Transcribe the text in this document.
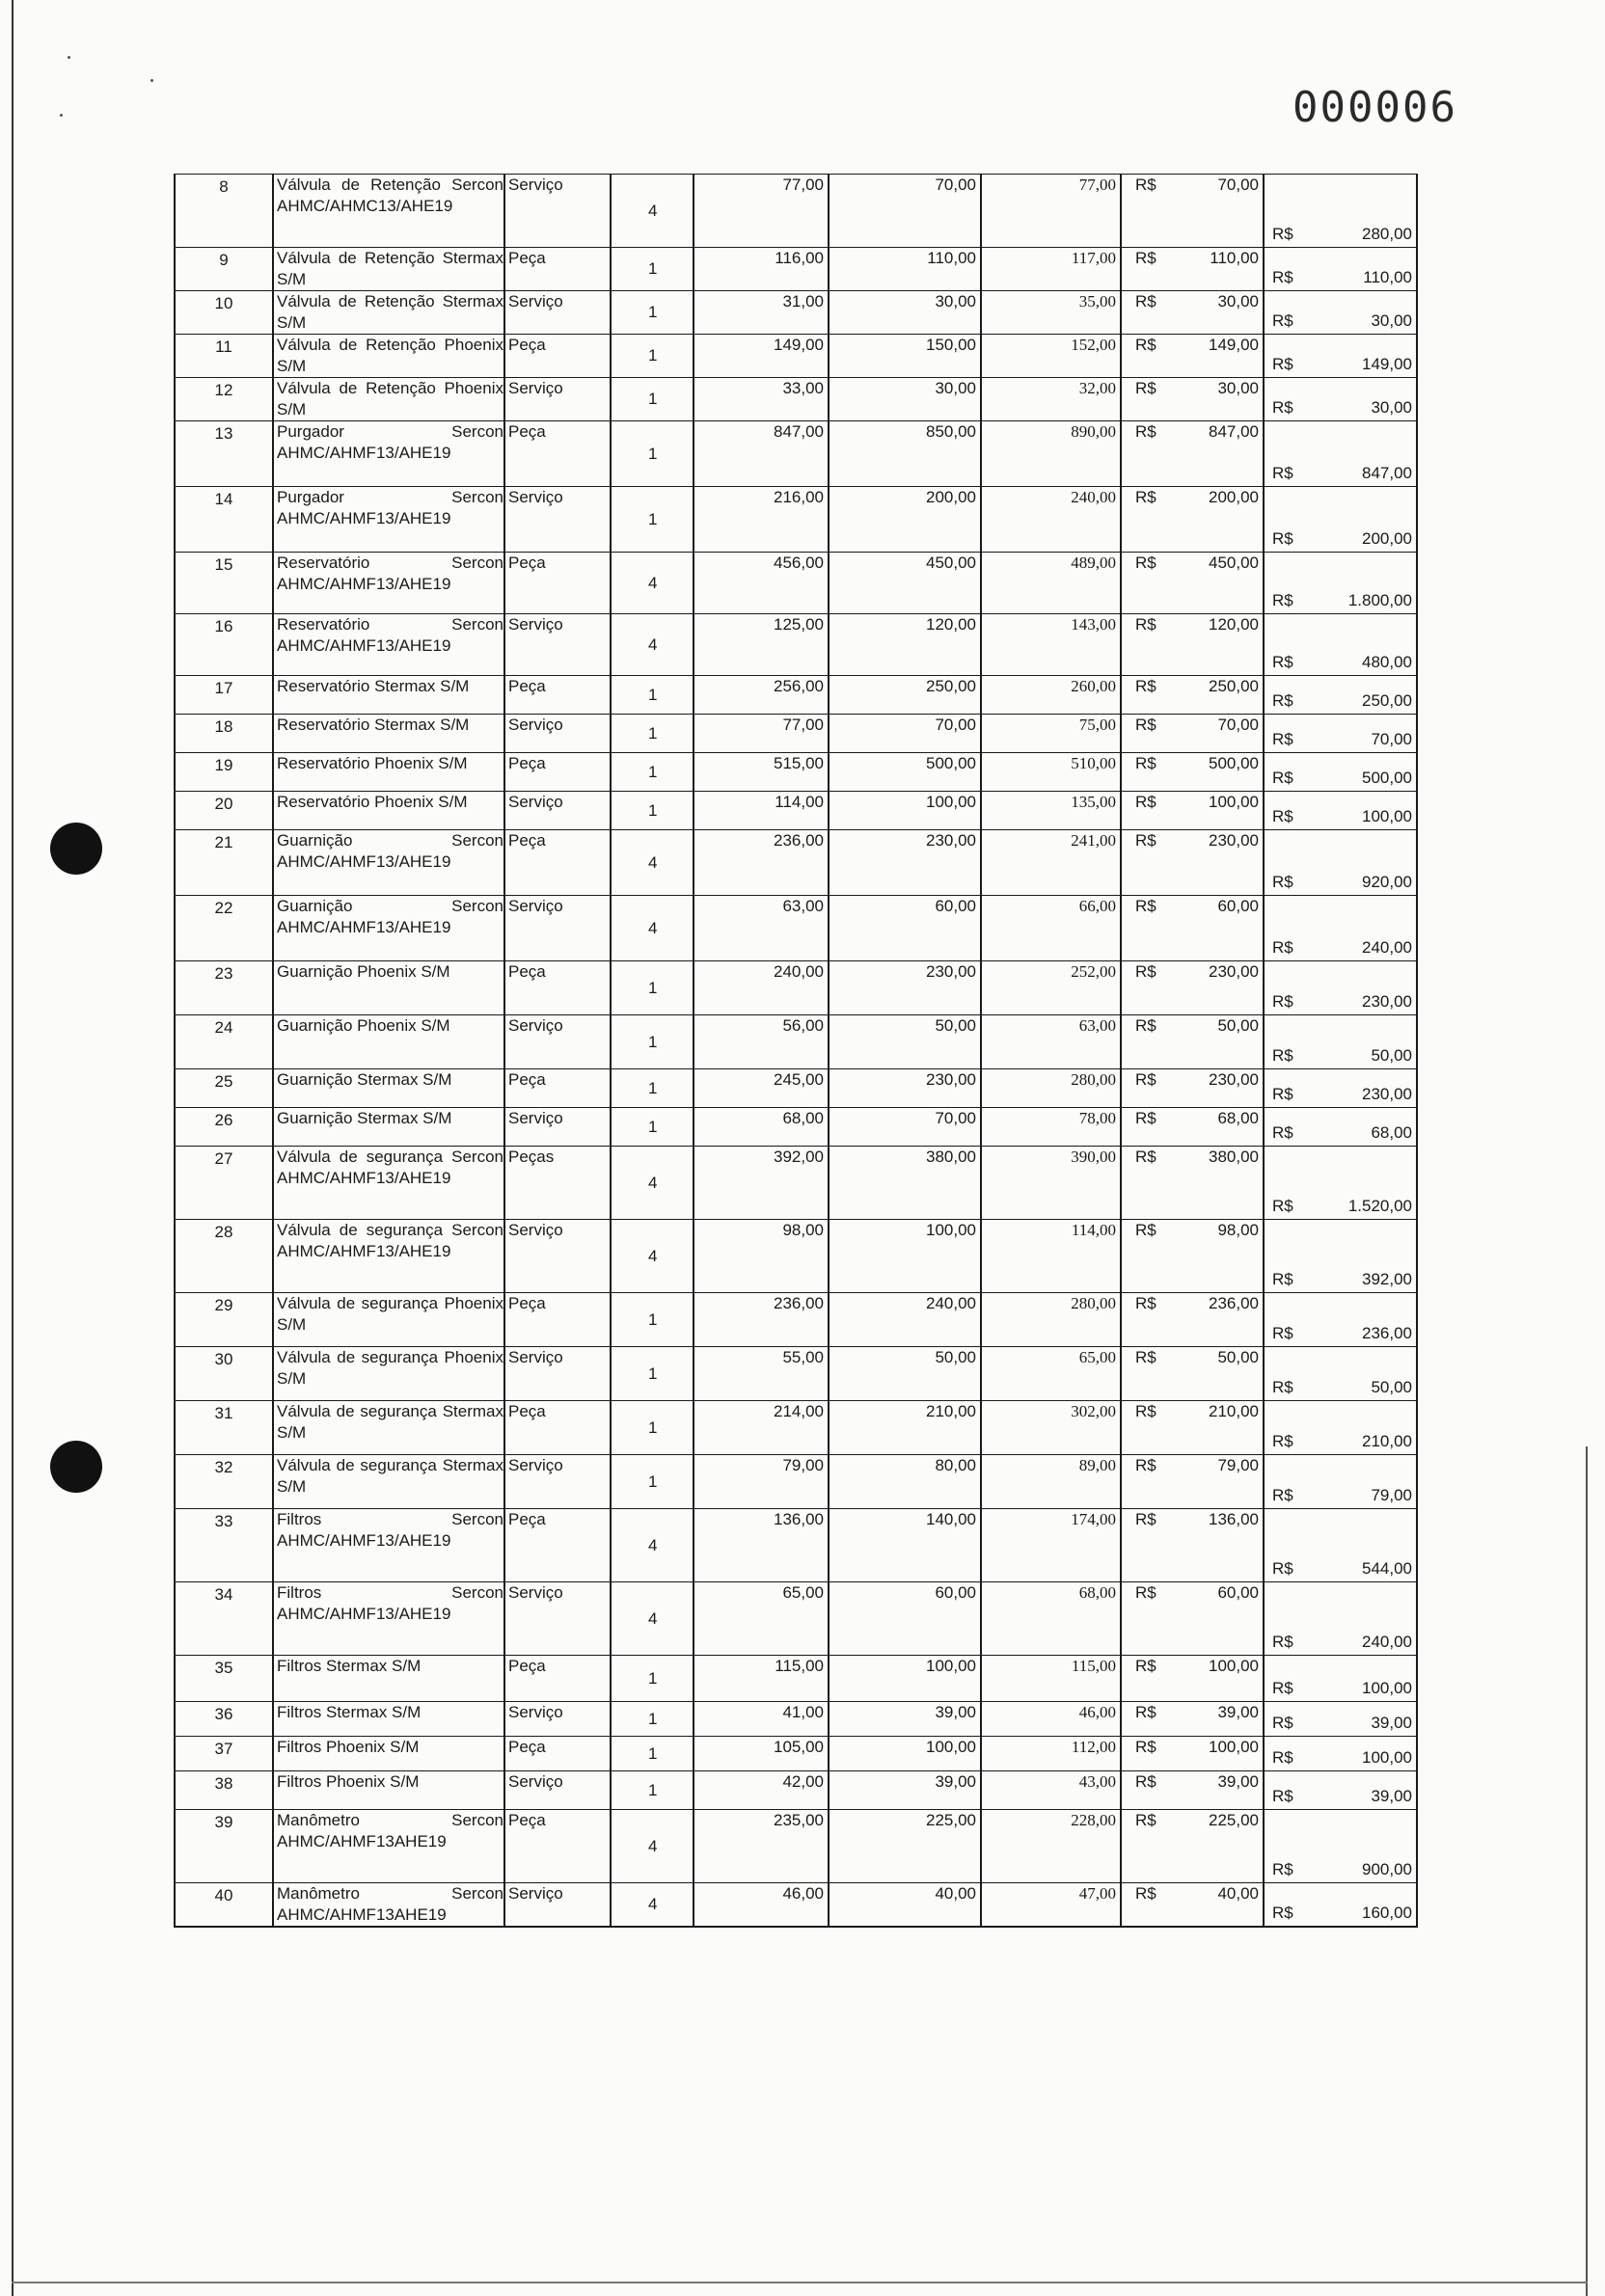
000006
8	Válvula de Retenção Sercon AHMC/AHMC13/AHE19	Serviço	4	77,00	70,00	77,00	R$ 70,00	R$ 280,00

9	Válvula de Retenção Stermax S/M	Peça	1	116,00	110,00	117,00	R$ 110,00	R$ 110,00

10	Válvula de Retenção Stermax S/M	Serviço	1	31,00	30,00	35,00	R$ 30,00	R$ 30,00

11	Válvula de Retenção Phoenix S/M	Peça	1	149,00	150,00	152,00	R$ 149,00	R$ 149,00

12	Válvula de Retenção Phoenix S/M	Serviço	1	33,00	30,00	32,00	R$ 30,00	R$ 30,00

13	Purgador Sercon AHMC/AHMF13/AHE19	Peça	1	847,00	850,00	890,00	R$ 847,00	R$ 847,00

14	Purgador Sercon AHMC/AHMF13/AHE19	Serviço	1	216,00	200,00	240,00	R$ 200,00	R$ 200,00

15	Reservatório Sercon AHMC/AHMF13/AHE19	Peça	4	456,00	450,00	489,00	R$ 450,00	R$ 1.800,00

16	Reservatório Sercon AHMC/AHMF13/AHE19	Serviço	4	125,00	120,00	143,00	R$ 120,00	R$ 480,00

17	Reservatório Stermax S/M	Peça	1	256,00	250,00	260,00	R$ 250,00	R$ 250,00

18	Reservatório Stermax S/M	Serviço	1	77,00	70,00	75,00	R$ 70,00	R$ 70,00

19	Reservatório Phoenix S/M	Peça	1	515,00	500,00	510,00	R$ 500,00	R$ 500,00

20	Reservatório Phoenix S/M	Serviço	1	114,00	100,00	135,00	R$ 100,00	R$ 100,00

21	Guarnição Sercon AHMC/AHMF13/AHE19	Peça	4	236,00	230,00	241,00	R$ 230,00	R$ 920,00

22	Guarnição Sercon AHMC/AHMF13/AHE19	Serviço	4	63,00	60,00	66,00	R$ 60,00	R$ 240,00

23	Guarnição Phoenix S/M	Peça	1	240,00	230,00	252,00	R$ 230,00	R$ 230,00

24	Guarnição Phoenix S/M	Serviço	1	56,00	50,00	63,00	R$ 50,00	R$ 50,00

25	Guarnição Stermax S/M	Peça	1	245,00	230,00	280,00	R$ 230,00	R$ 230,00

26	Guarnição Stermax S/M	Serviço	1	68,00	70,00	78,00	R$ 68,00	R$ 68,00

27	Válvula de segurança Sercon AHMC/AHMF13/AHE19	Peças	4	392,00	380,00	390,00	R$ 380,00	R$ 1.520,00

28	Válvula de segurança Sercon AHMC/AHMF13/AHE19	Serviço	4	98,00	100,00	114,00	R$ 98,00	R$ 392,00

29	Válvula de segurança Phoenix S/M	Peça	1	236,00	240,00	280,00	R$ 236,00	R$ 236,00

30	Válvula de segurança Phoenix S/M	Serviço	1	55,00	50,00	65,00	R$ 50,00	R$ 50,00

31	Válvula de segurança Stermax S/M	Peça	1	214,00	210,00	302,00	R$ 210,00	R$ 210,00

32	Válvula de segurança Stermax S/M	Serviço	1	79,00	80,00	89,00	R$ 79,00	R$ 79,00

33	Filtros Sercon AHMC/AHMF13/AHE19	Peça	4	136,00	140,00	174,00	R$ 136,00	R$ 544,00

34	Filtros Sercon AHMC/AHMF13/AHE19	Serviço	4	65,00	60,00	68,00	R$ 60,00	R$ 240,00

35	Filtros Stermax S/M	Peça	1	115,00	100,00	115,00	R$ 100,00	R$ 100,00

36	Filtros Stermax S/M	Serviço	1	41,00	39,00	46,00	R$ 39,00	R$ 39,00

37	Filtros Phoenix S/M	Peça	1	105,00	100,00	112,00	R$ 100,00	R$ 100,00

38	Filtros Phoenix S/M	Serviço	1	42,00	39,00	43,00	R$ 39,00	R$ 39,00

39	Manômetro Sercon AHMC/AHMF13AHE19	Peça	4	235,00	225,00	228,00	R$ 225,00	R$ 900,00

40	Manômetro Sercon AHMC/AHMF13AHE19	Serviço	4	46,00	40,00	47,00	R$ 40,00	R$ 160,00
